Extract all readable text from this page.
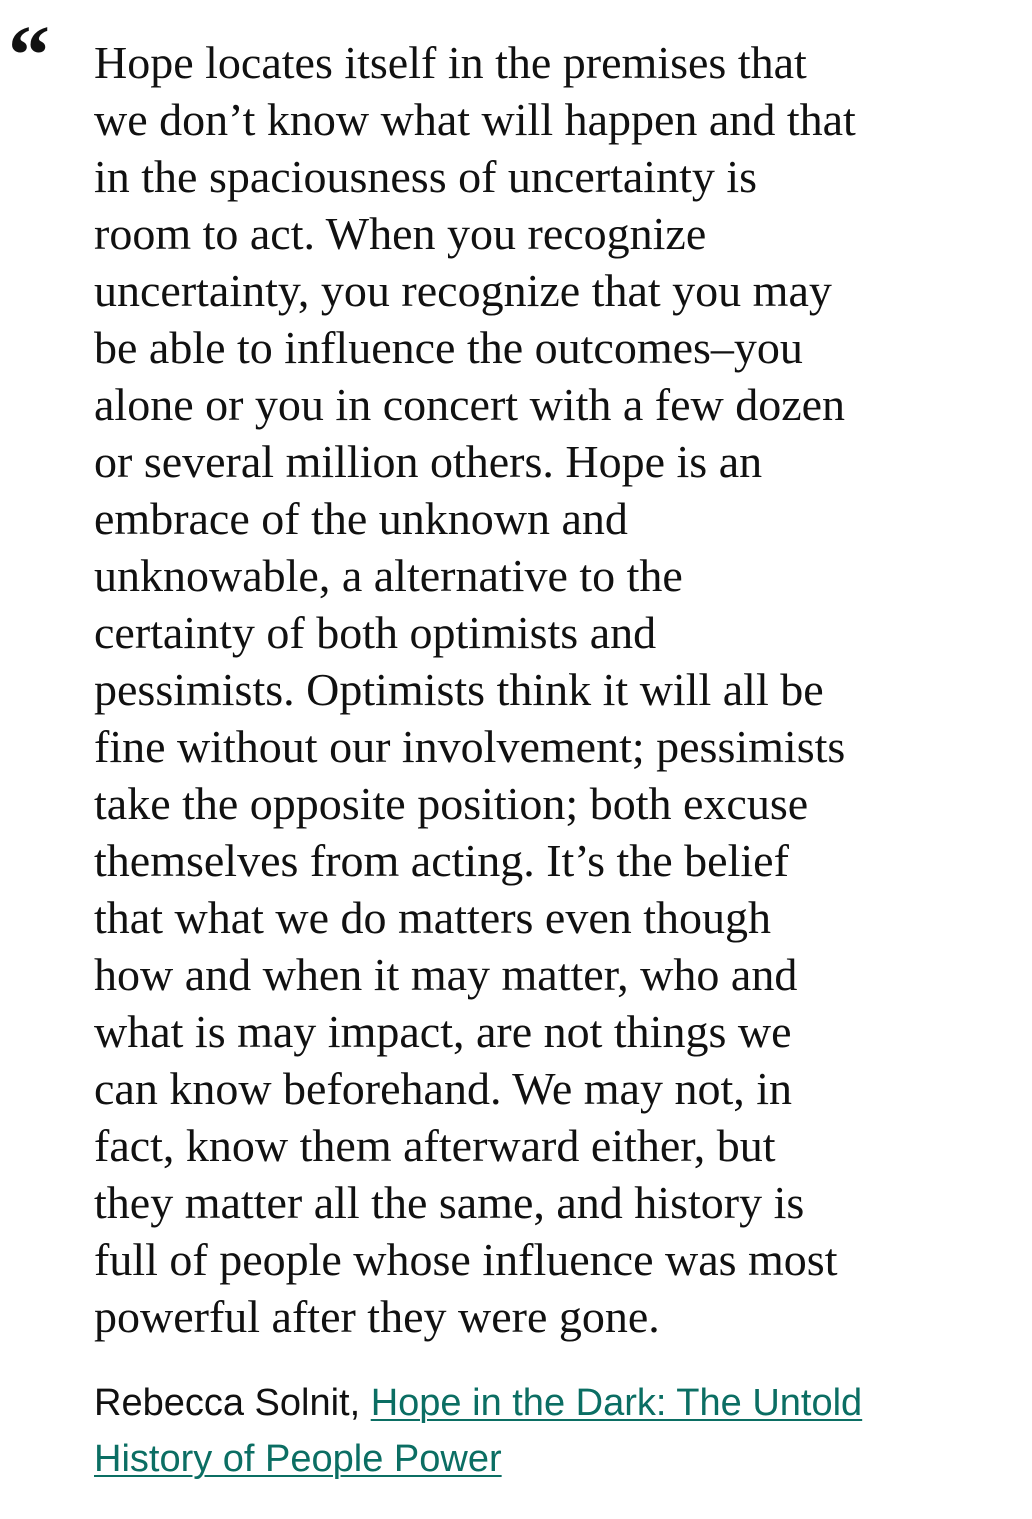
“ Hope locates itself in the premises that
we don’t know what will happen and that
in the spaciousness of uncertainty is
room to act. When you recognize
uncertainty, you recognize that you may
be able to influence the outcomes–you
alone or you in concert with a few dozen
or several million others. Hope is an
embrace of the unknown and
unknowable, a alternative to the
certainty of both optimists and
pessimists. Optimists think it will all be
fine without our involvement; pessimists
take the opposite position; both excuse
themselves from acting. It’s the belief
that what we do matters even though
how and when it may matter, who and
what is may impact, are not things we
can know beforehand. We may not, in
fact, know them afterward either, but
they matter all the same, and history is
full of people whose influence was most
powerful after they were gone.

Rebecca Solnit, Hope in the Dark: The Untold
History of People Power
